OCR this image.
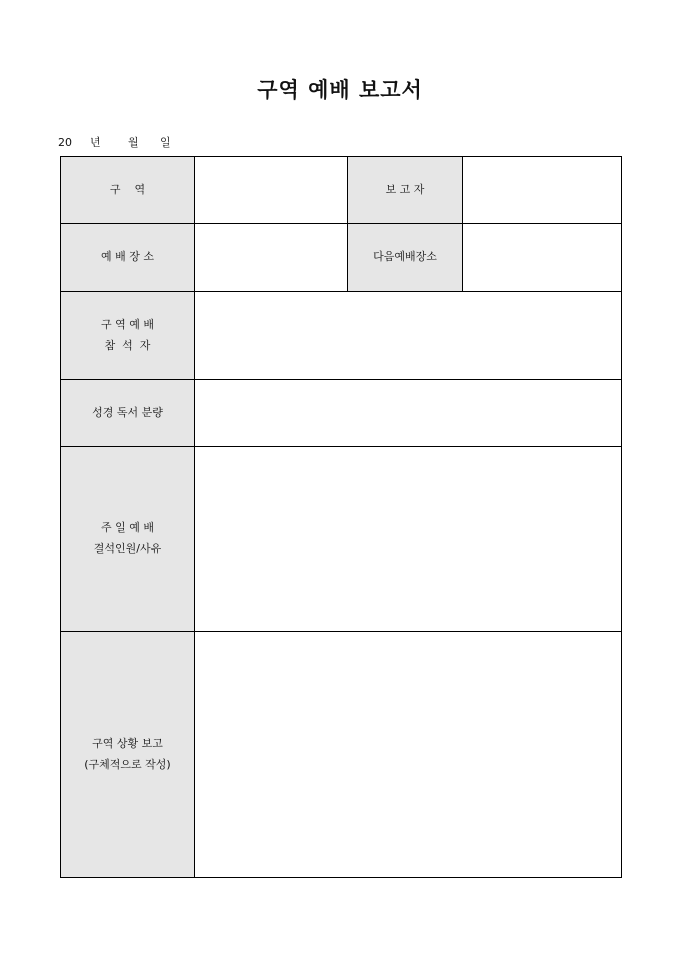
구역 예배 보고서
20 년 월 일
구    역		보 고 자	
예 배 장 소		다음예배장소	

구 역 예 배
참  석  자			

성경 독서 분량			

주 일 예 배
결석인원/사유			

구역 상황 보고
(구체적으로 작성)			
